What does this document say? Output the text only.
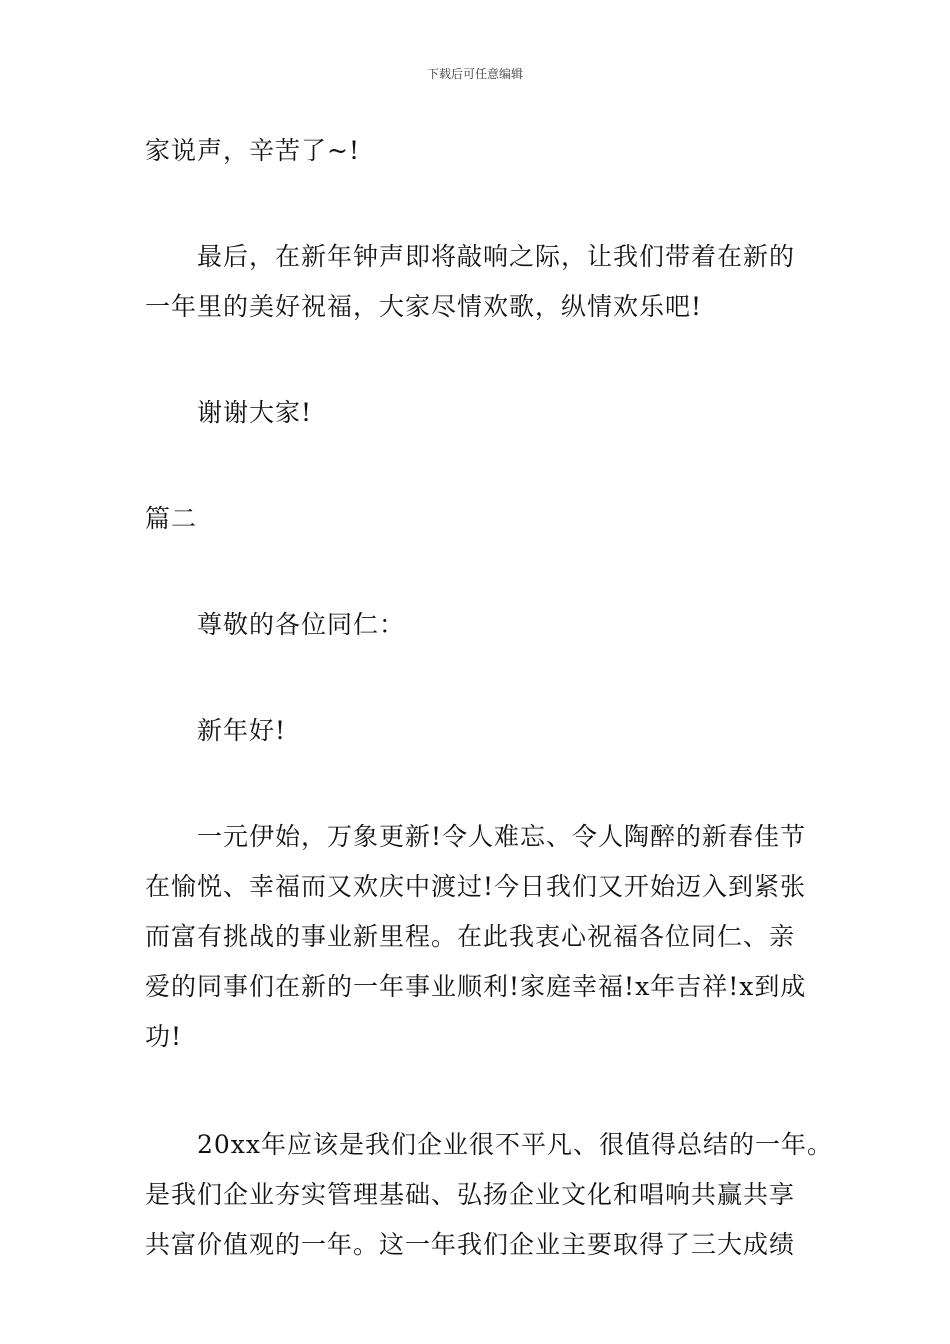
下载后可任意编辑
家说声，辛苦了~!
最后，在新年钟声即将敲响之际，让我们带着在新的
一年里的美好祝福，大家尽情欢歌，纵情欢乐吧!
谢谢大家!
篇二
尊敬的各位同仁：
新年好!
一元伊始，万象更新!令人难忘、令人陶醉的新春佳节
在愉悦、幸福而又欢庆中渡过!今日我们又开始迈入到紧张
而富有挑战的事业新里程。在此我衷心祝福各位同仁、亲
爱的同事们在新的一年事业顺利!家庭幸福!x年吉祥!x到成
功!
20xx年应该是我们企业很不平凡、很值得总结的一年。
是我们企业夯实管理基础、弘扬企业文化和唱响共赢共享
共富价值观的一年。这一年我们企业主要取得了三大成绩
